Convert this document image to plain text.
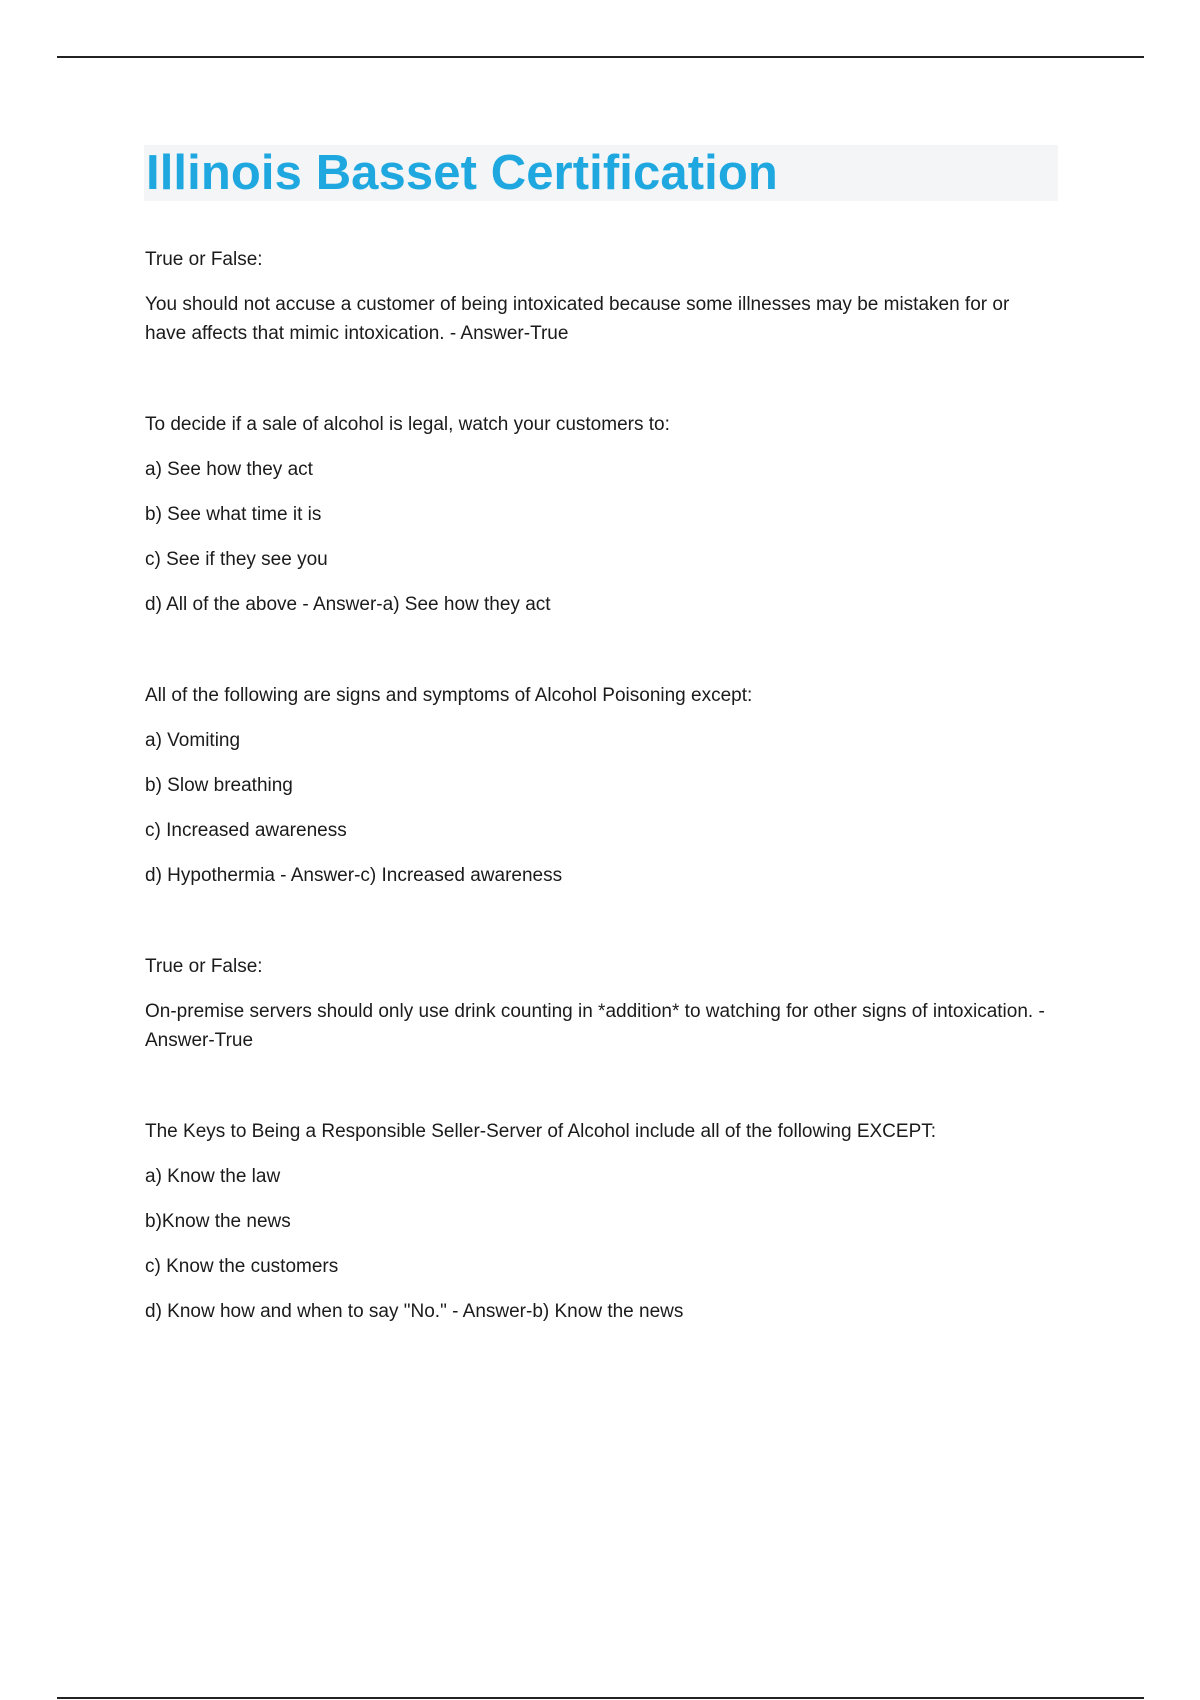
Illinois Basset Certification

True or False:

You should not accuse a customer of being intoxicated because some illnesses may be mistaken for or have affects that mimic intoxication. - Answer-True

To decide if a sale of alcohol is legal, watch your customers to:

a) See how they act

b) See what time it is

c) See if they see you

d) All of the above - Answer-a) See how they act

All of the following are signs and symptoms of Alcohol Poisoning except:

a) Vomiting

b) Slow breathing

c) Increased awareness

d) Hypothermia - Answer-c) Increased awareness

True or False:

On-premise servers should only use drink counting in *addition* to watching for other signs of intoxication. - Answer-True

The Keys to Being a Responsible Seller-Server of Alcohol include all of the following EXCEPT:

a) Know the law

b)Know the news

c) Know the customers

d) Know how and when to say "No." - Answer-b) Know the news
